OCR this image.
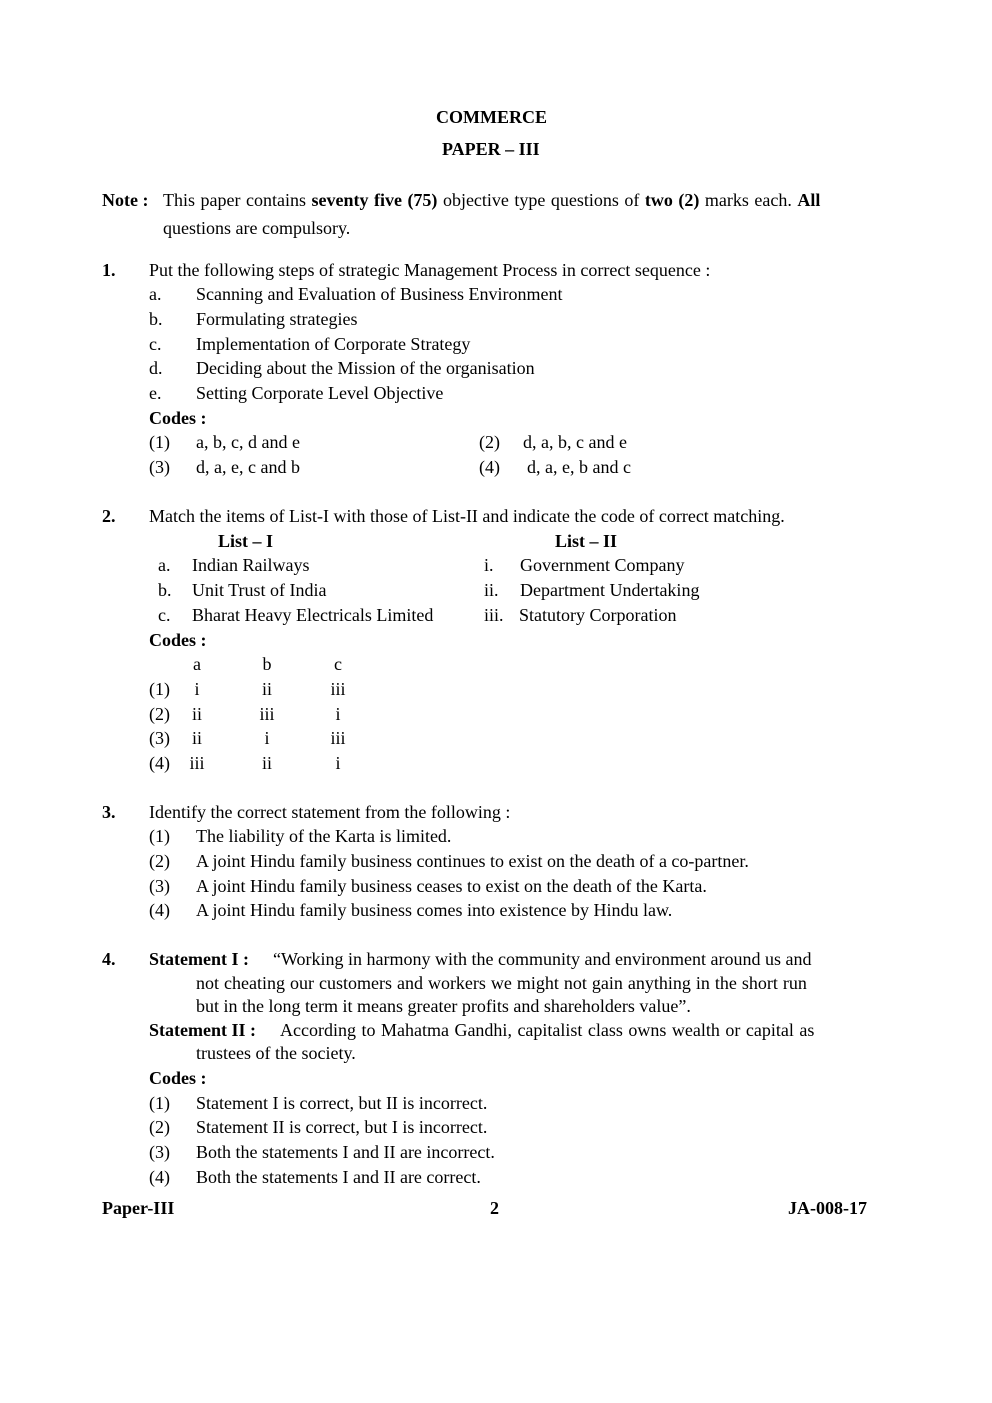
COMMERCE
PAPER – III
Note : This paper contains seventy five (75) objective type questions of two (2) marks each. All
questions are compulsory.
1. Put the following steps of strategic Management Process in correct sequence :
a. Scanning and Evaluation of Business Environment
b. Formulating strategies
c. Implementation of Corporate Strategy
d. Deciding about the Mission of the organisation
e. Setting Corporate Level Objective
Codes :
(1) a, b, c, d and e	(2) d, a, b, c and e
(3) d, a, e, c and b	(4) d, a, e, b and c
2. Match the items of List-I with those of List-II and indicate the code of correct matching.
List – I	List – II
a. Indian Railways	i. Government Company
b. Unit Trust of India	ii. Department Undertaking
c. Bharat Heavy Electricals Limited	iii. Statutory Corporation
Codes :
a	b	c
(1)	i	ii	iii
(2)	ii	iii	i
(3)	ii	i	iii
(4)	iii	ii	i
3. Identify the correct statement from the following :
(1) The liability of the Karta is limited.
(2) A joint Hindu family business continues to exist on the death of a co-partner.
(3) A joint Hindu family business ceases to exist on the death of the Karta.
(4) A joint Hindu family business comes into existence by Hindu law.
4. Statement I : “Working in harmony with the community and environment around us and
not cheating our customers and workers we might not gain anything in the short run
but in the long term it means greater profits and shareholders value”.
Statement II : According to Mahatma Gandhi, capitalist class owns wealth or capital as
trustees of the society.
Codes :
(1) Statement I is correct, but II is incorrect.
(2) Statement II is correct, but I is incorrect.
(3) Both the statements I and II are incorrect.
(4) Both the statements I and II are correct.
Paper-III	2	JA-008-17
